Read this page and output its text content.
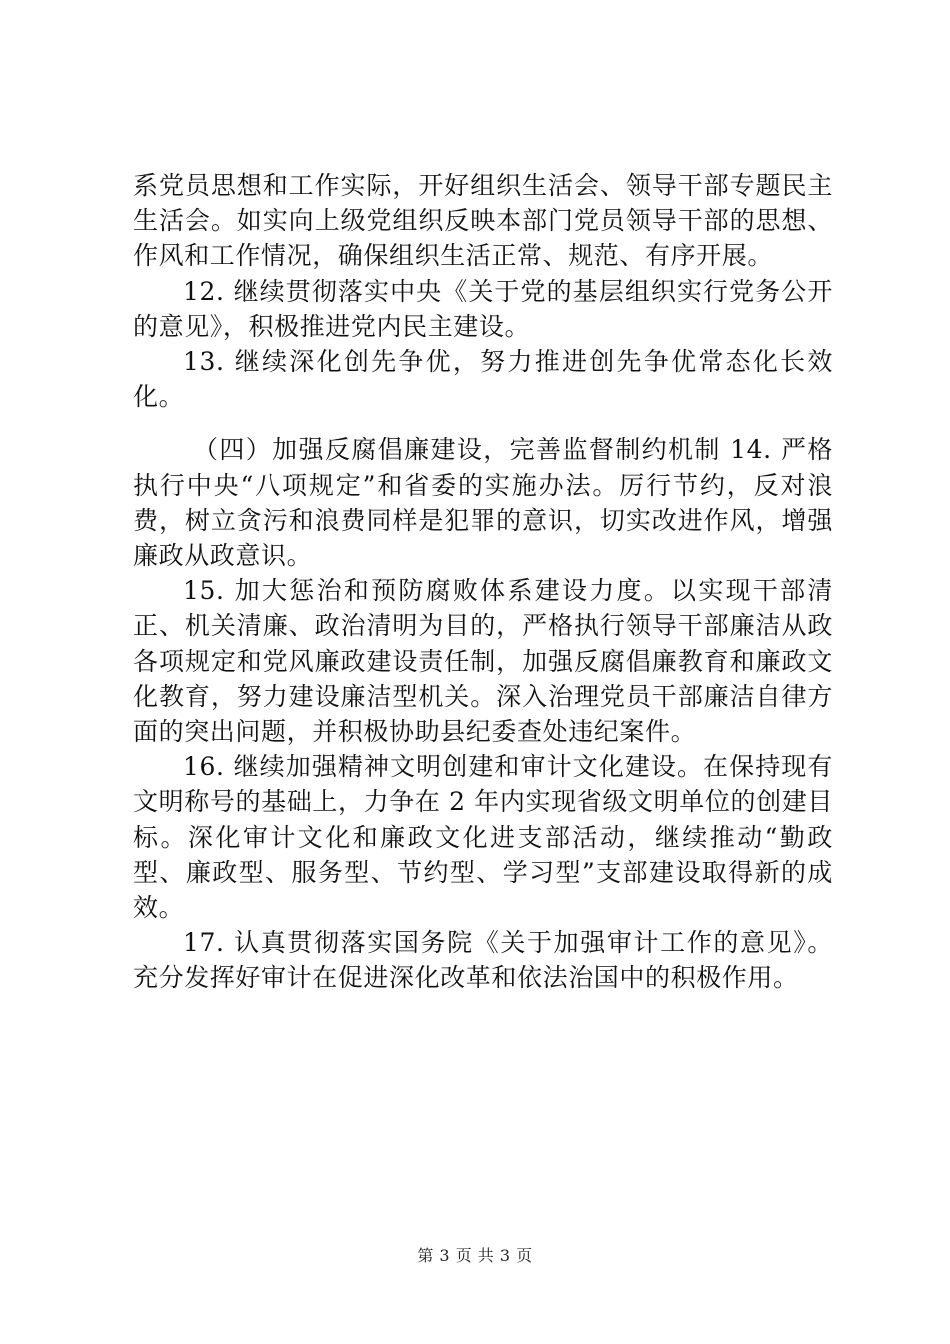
系党员思想和工作实际，开好组织生活会、领导干部专题民主生活会。如实向上级党组织反映本部门党员领导干部的思想、作风和工作情况，确保组织生活正常、规范、有序开展。

12. 继续贯彻落实中央《关于党的基层组织实行党务公开的意见》，积极推进党内民主建设。

13. 继续深化创先争优，努力推进创先争优常态化长效化。

（四）加强反腐倡廉建设，完善监督制约机制 14. 严格执行中央“八项规定”和省委的实施办法。厉行节约，反对浪费，树立贪污和浪费同样是犯罪的意识，切实改进作风，增强廉政从政意识。

15. 加大惩治和预防腐败体系建设力度。以实现干部清正、机关清廉、政治清明为目的，严格执行领导干部廉洁从政各项规定和党风廉政建设责任制，加强反腐倡廉教育和廉政文化教育，努力建设廉洁型机关。深入治理党员干部廉洁自律方面的突出问题，并积极协助县纪委查处违纪案件。

16. 继续加强精神文明创建和审计文化建设。在保持现有文明称号的基础上，力争在 2 年内实现省级文明单位的创建目标。深化审计文化和廉政文化进支部活动，继续推动“勤政型、廉政型、服务型、节约型、学习型”支部建设取得新的成效。

17. 认真贯彻落实国务院《关于加强审计工作的意见》。充分发挥好审计在促进深化改革和依法治国中的积极作用。

第 3 页 共 3 页
